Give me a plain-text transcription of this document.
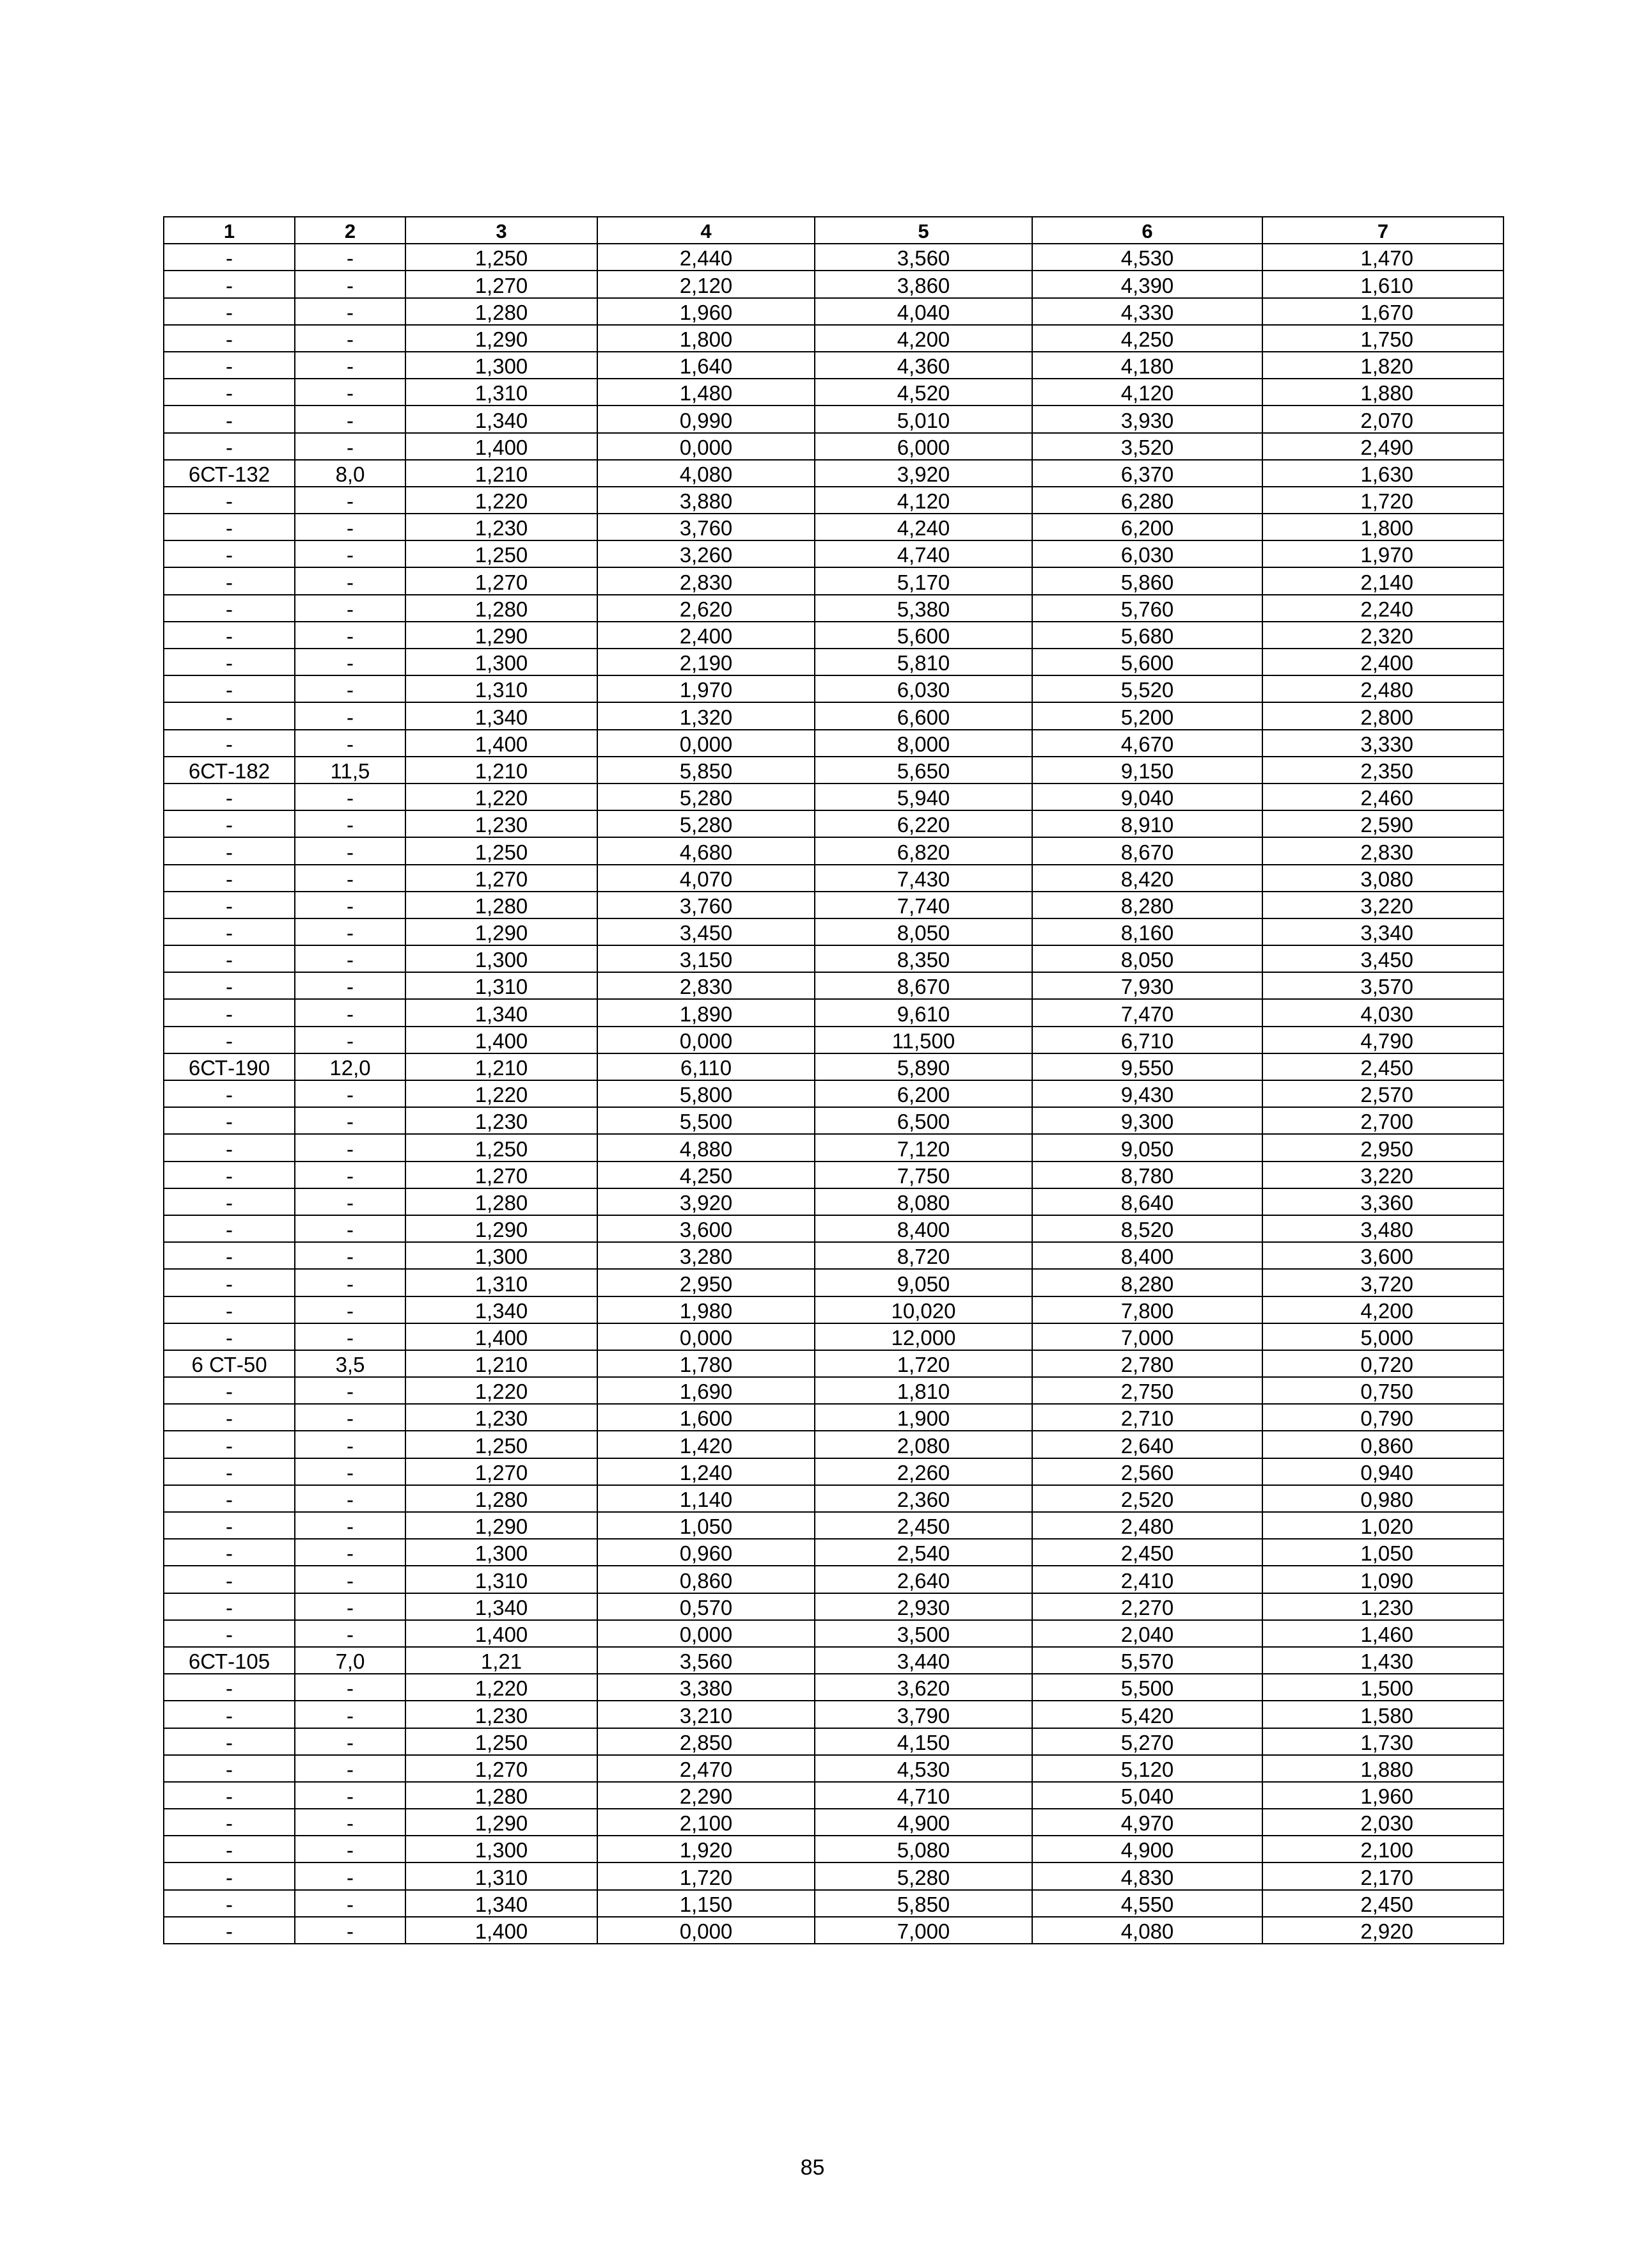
1	2	3	4	5	6	7
-	-	1,250	2,440	3,560	4,530	1,470
-	-	1,270	2,120	3,860	4,390	1,610
-	-	1,280	1,960	4,040	4,330	1,670
-	-	1,290	1,800	4,200	4,250	1,750
-	-	1,300	1,640	4,360	4,180	1,820
-	-	1,310	1,480	4,520	4,120	1,880
-	-	1,340	0,990	5,010	3,930	2,070
-	-	1,400	0,000	6,000	3,520	2,490
6СТ-132	8,0	1,210	4,080	3,920	6,370	1,630
-	-	1,220	3,880	4,120	6,280	1,720
-	-	1,230	3,760	4,240	6,200	1,800
-	-	1,250	3,260	4,740	6,030	1,970
-	-	1,270	2,830	5,170	5,860	2,140
-	-	1,280	2,620	5,380	5,760	2,240
-	-	1,290	2,400	5,600	5,680	2,320
-	-	1,300	2,190	5,810	5,600	2,400
-	-	1,310	1,970	6,030	5,520	2,480
-	-	1,340	1,320	6,600	5,200	2,800
-	-	1,400	0,000	8,000	4,670	3,330
6СТ-182	11,5	1,210	5,850	5,650	9,150	2,350
-	-	1,220	5,280	5,940	9,040	2,460
-	-	1,230	5,280	6,220	8,910	2,590
-	-	1,250	4,680	6,820	8,670	2,830
-	-	1,270	4,070	7,430	8,420	3,080
-	-	1,280	3,760	7,740	8,280	3,220
-	-	1,290	3,450	8,050	8,160	3,340
-	-	1,300	3,150	8,350	8,050	3,450
-	-	1,310	2,830	8,670	7,930	3,570
-	-	1,340	1,890	9,610	7,470	4,030
-	-	1,400	0,000	11,500	6,710	4,790
6СТ-190	12,0	1,210	6,110	5,890	9,550	2,450
-	-	1,220	5,800	6,200	9,430	2,570
-	-	1,230	5,500	6,500	9,300	2,700
-	-	1,250	4,880	7,120	9,050	2,950
-	-	1,270	4,250	7,750	8,780	3,220
-	-	1,280	3,920	8,080	8,640	3,360
-	-	1,290	3,600	8,400	8,520	3,480
-	-	1,300	3,280	8,720	8,400	3,600
-	-	1,310	2,950	9,050	8,280	3,720
-	-	1,340	1,980	10,020	7,800	4,200
-	-	1,400	0,000	12,000	7,000	5,000
6 СТ-50	3,5	1,210	1,780	1,720	2,780	0,720
-	-	1,220	1,690	1,810	2,750	0,750
-	-	1,230	1,600	1,900	2,710	0,790
-	-	1,250	1,420	2,080	2,640	0,860
-	-	1,270	1,240	2,260	2,560	0,940
-	-	1,280	1,140	2,360	2,520	0,980
-	-	1,290	1,050	2,450	2,480	1,020
-	-	1,300	0,960	2,540	2,450	1,050
-	-	1,310	0,860	2,640	2,410	1,090
-	-	1,340	0,570	2,930	2,270	1,230
-	-	1,400	0,000	3,500	2,040	1,460
6СТ-105	7,0	1,21	3,560	3,440	5,570	1,430
-	-	1,220	3,380	3,620	5,500	1,500
-	-	1,230	3,210	3,790	5,420	1,580
-	-	1,250	2,850	4,150	5,270	1,730
-	-	1,270	2,470	4,530	5,120	1,880
-	-	1,280	2,290	4,710	5,040	1,960
-	-	1,290	2,100	4,900	4,970	2,030
-	-	1,300	1,920	5,080	4,900	2,100
-	-	1,310	1,720	5,280	4,830	2,170
-	-	1,340	1,150	5,850	4,550	2,450
-	-	1,400	0,000	7,000	4,080	2,920
85
